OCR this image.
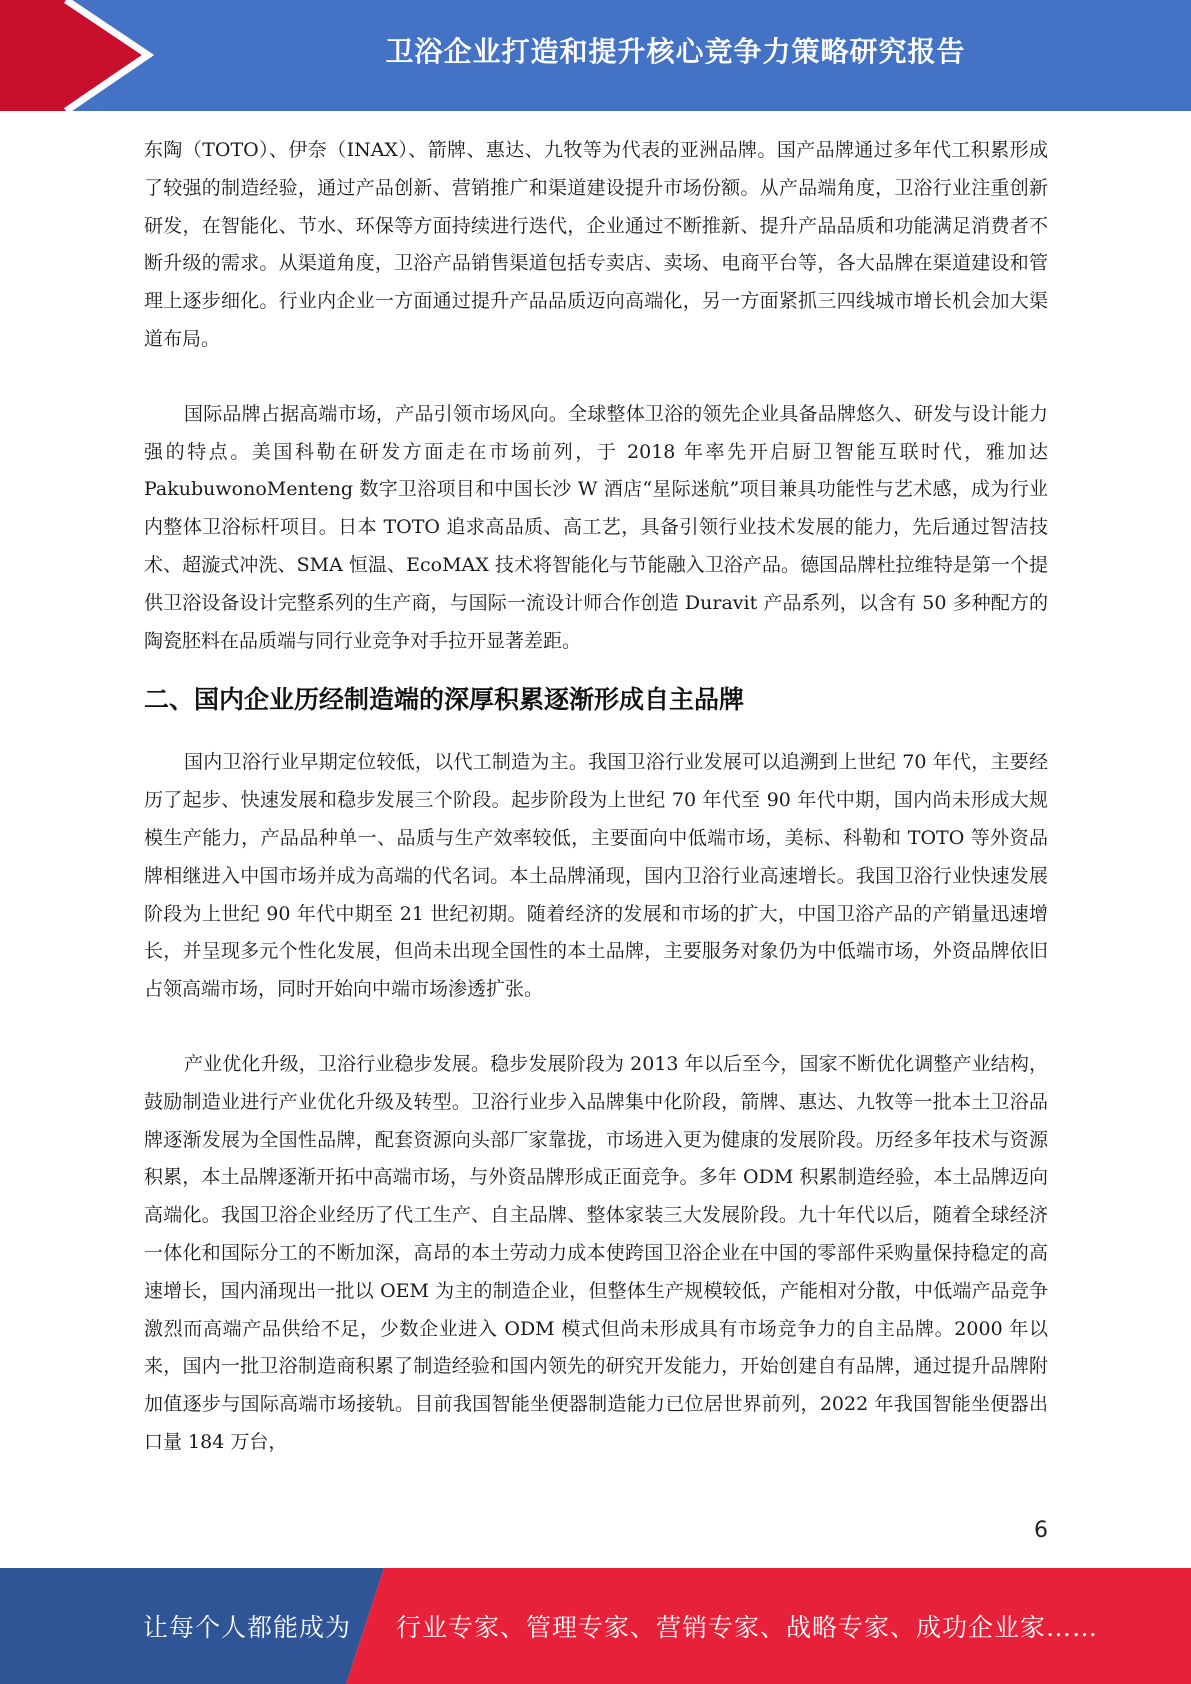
卫浴企业打造和提升核心竞争力策略研究报告

东陶（TOTO）、伊奈（INAX）、箭牌、惠达、九牧等为代表的亚洲品牌。国产品牌通过多年代工积累形成了较强的制造经验，通过产品创新、营销推广和渠道建设提升市场份额。从产品端角度，卫浴行业注重创新研发，在智能化、节水、环保等方面持续进行迭代，企业通过不断推新、提升产品品质和功能满足消费者不断升级的需求。从渠道角度，卫浴产品销售渠道包括专卖店、卖场、电商平台等，各大品牌在渠道建设和管理上逐步细化。行业内企业一方面通过提升产品品质迈向高端化，另一方面紧抓三四线城市增长机会加大渠道布局。

国际品牌占据高端市场，产品引领市场风向。全球整体卫浴的领先企业具备品牌悠久、研发与设计能力强的特点。美国科勒在研发方面走在市场前列，于 2018 年率先开启厨卫智能互联时代，雅加达 PakubuwonoMenteng 数字卫浴项目和中国长沙 W 酒店“星际迷航”项目兼具功能性与艺术感，成为行业内整体卫浴标杆项目。日本 TOTO 追求高品质、高工艺，具备引领行业技术发展的能力，先后通过智洁技术、超漩式冲洗、SMA 恒温、EcoMAX 技术将智能化与节能融入卫浴产品。德国品牌杜拉维特是第一个提供卫浴设备设计完整系列的生产商，与国际一流设计师合作创造 Duravit 产品系列，以含有 50 多种配方的陶瓷胚料在品质端与同行业竞争对手拉开显著差距。

二、国内企业历经制造端的深厚积累逐渐形成自主品牌

国内卫浴行业早期定位较低，以代工制造为主。我国卫浴行业发展可以追溯到上世纪 70 年代，主要经历了起步、快速发展和稳步发展三个阶段。起步阶段为上世纪 70 年代至 90 年代中期，国内尚未形成大规模生产能力，产品品种单一、品质与生产效率较低，主要面向中低端市场，美标、科勒和 TOTO 等外资品牌相继进入中国市场并成为高端的代名词。本土品牌涌现，国内卫浴行业高速增长。我国卫浴行业快速发展阶段为上世纪 90 年代中期至 21 世纪初期。随着经济的发展和市场的扩大，中国卫浴产品的产销量迅速增长，并呈现多元个性化发展，但尚未出现全国性的本土品牌，主要服务对象仍为中低端市场，外资品牌依旧占领高端市场，同时开始向中端市场渗透扩张。

产业优化升级，卫浴行业稳步发展。稳步发展阶段为 2013 年以后至今，国家不断优化调整产业结构，鼓励制造业进行产业优化升级及转型。卫浴行业步入品牌集中化阶段，箭牌、惠达、九牧等一批本土卫浴品牌逐渐发展为全国性品牌，配套资源向头部厂家靠拢，市场进入更为健康的发展阶段。历经多年技术与资源积累，本土品牌逐渐开拓中高端市场，与外资品牌形成正面竞争。多年 ODM 积累制造经验，本土品牌迈向高端化。我国卫浴企业经历了代工生产、自主品牌、整体家装三大发展阶段。九十年代以后，随着全球经济一体化和国际分工的不断加深，高昂的本土劳动力成本使跨国卫浴企业在中国的零部件采购量保持稳定的高速增长，国内涌现出一批以 OEM 为主的制造企业，但整体生产规模较低，产能相对分散，中低端产品竞争激烈而高端产品供给不足，少数企业进入 ODM 模式但尚未形成具有市场竞争力的自主品牌。2000 年以来，国内一批卫浴制造商积累了制造经验和国内领先的研究开发能力，开始创建自有品牌，通过提升品牌附加值逐步与国际高端市场接轨。目前我国智能坐便器制造能力已位居世界前列，2022 年我国智能坐便器出口量 184 万台，

6
让每个人都能成为 行业专家、管理专家、营销专家、战略专家、成功企业家……
